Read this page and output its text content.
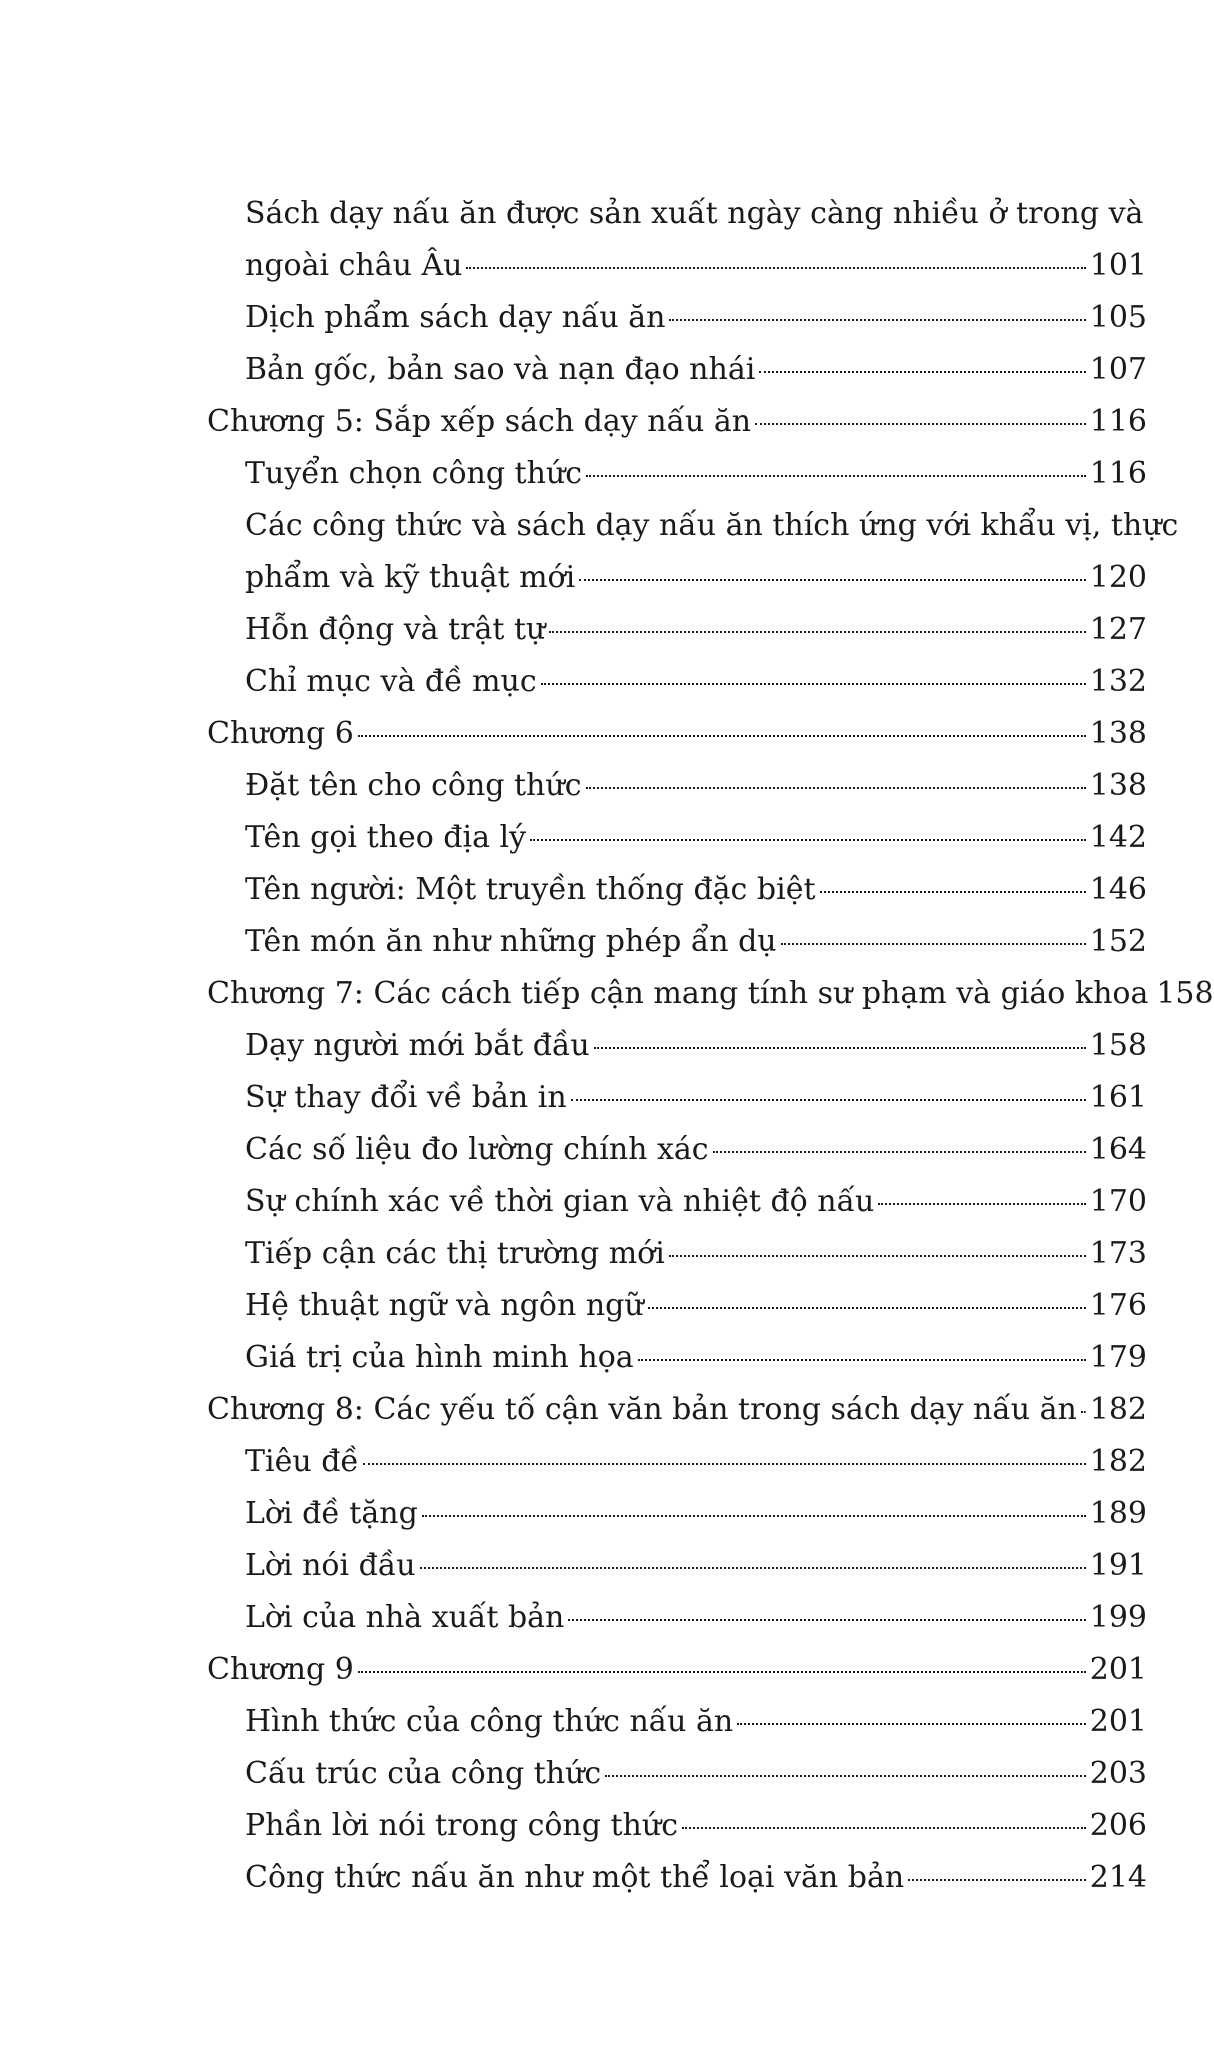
Sách dạy nấu ăn được sản xuất ngày càng nhiều ở trong và
ngoài châu Âu	101
Dịch phẩm sách dạy nấu ăn	105
Bản gốc, bản sao và nạn đạo nhái	107
Chương 5: Sắp xếp sách dạy nấu ăn	116
Tuyển chọn công thức	116
Các công thức và sách dạy nấu ăn thích ứng với khẩu vị, thực
phẩm và kỹ thuật mới	120
Hỗn động và trật tự	127
Chỉ mục và đề mục	132
Chương 6	138
Đặt tên cho công thức	138
Tên gọi theo địa lý	142
Tên người: Một truyền thống đặc biệt	146
Tên món ăn như những phép ẩn dụ	152
Chương 7: Các cách tiếp cận mang tính sư phạm và giáo khoa 158
Dạy người mới bắt đầu	158
Sự thay đổi về bản in	161
Các số liệu đo lường chính xác	164
Sự chính xác về thời gian và nhiệt độ nấu	170
Tiếp cận các thị trường mới	173
Hệ thuật ngữ và ngôn ngữ	176
Giá trị của hình minh họa	179
Chương 8: Các yếu tố cận văn bản trong sách dạy nấu ăn 182
Tiêu đề	182
Lời đề tặng	189
Lời nói đầu	191
Lời của nhà xuất bản	199
Chương 9	201
Hình thức của công thức nấu ăn	201
Cấu trúc của công thức	203
Phần lời nói trong công thức	206
Công thức nấu ăn như một thể loại văn bản	214
